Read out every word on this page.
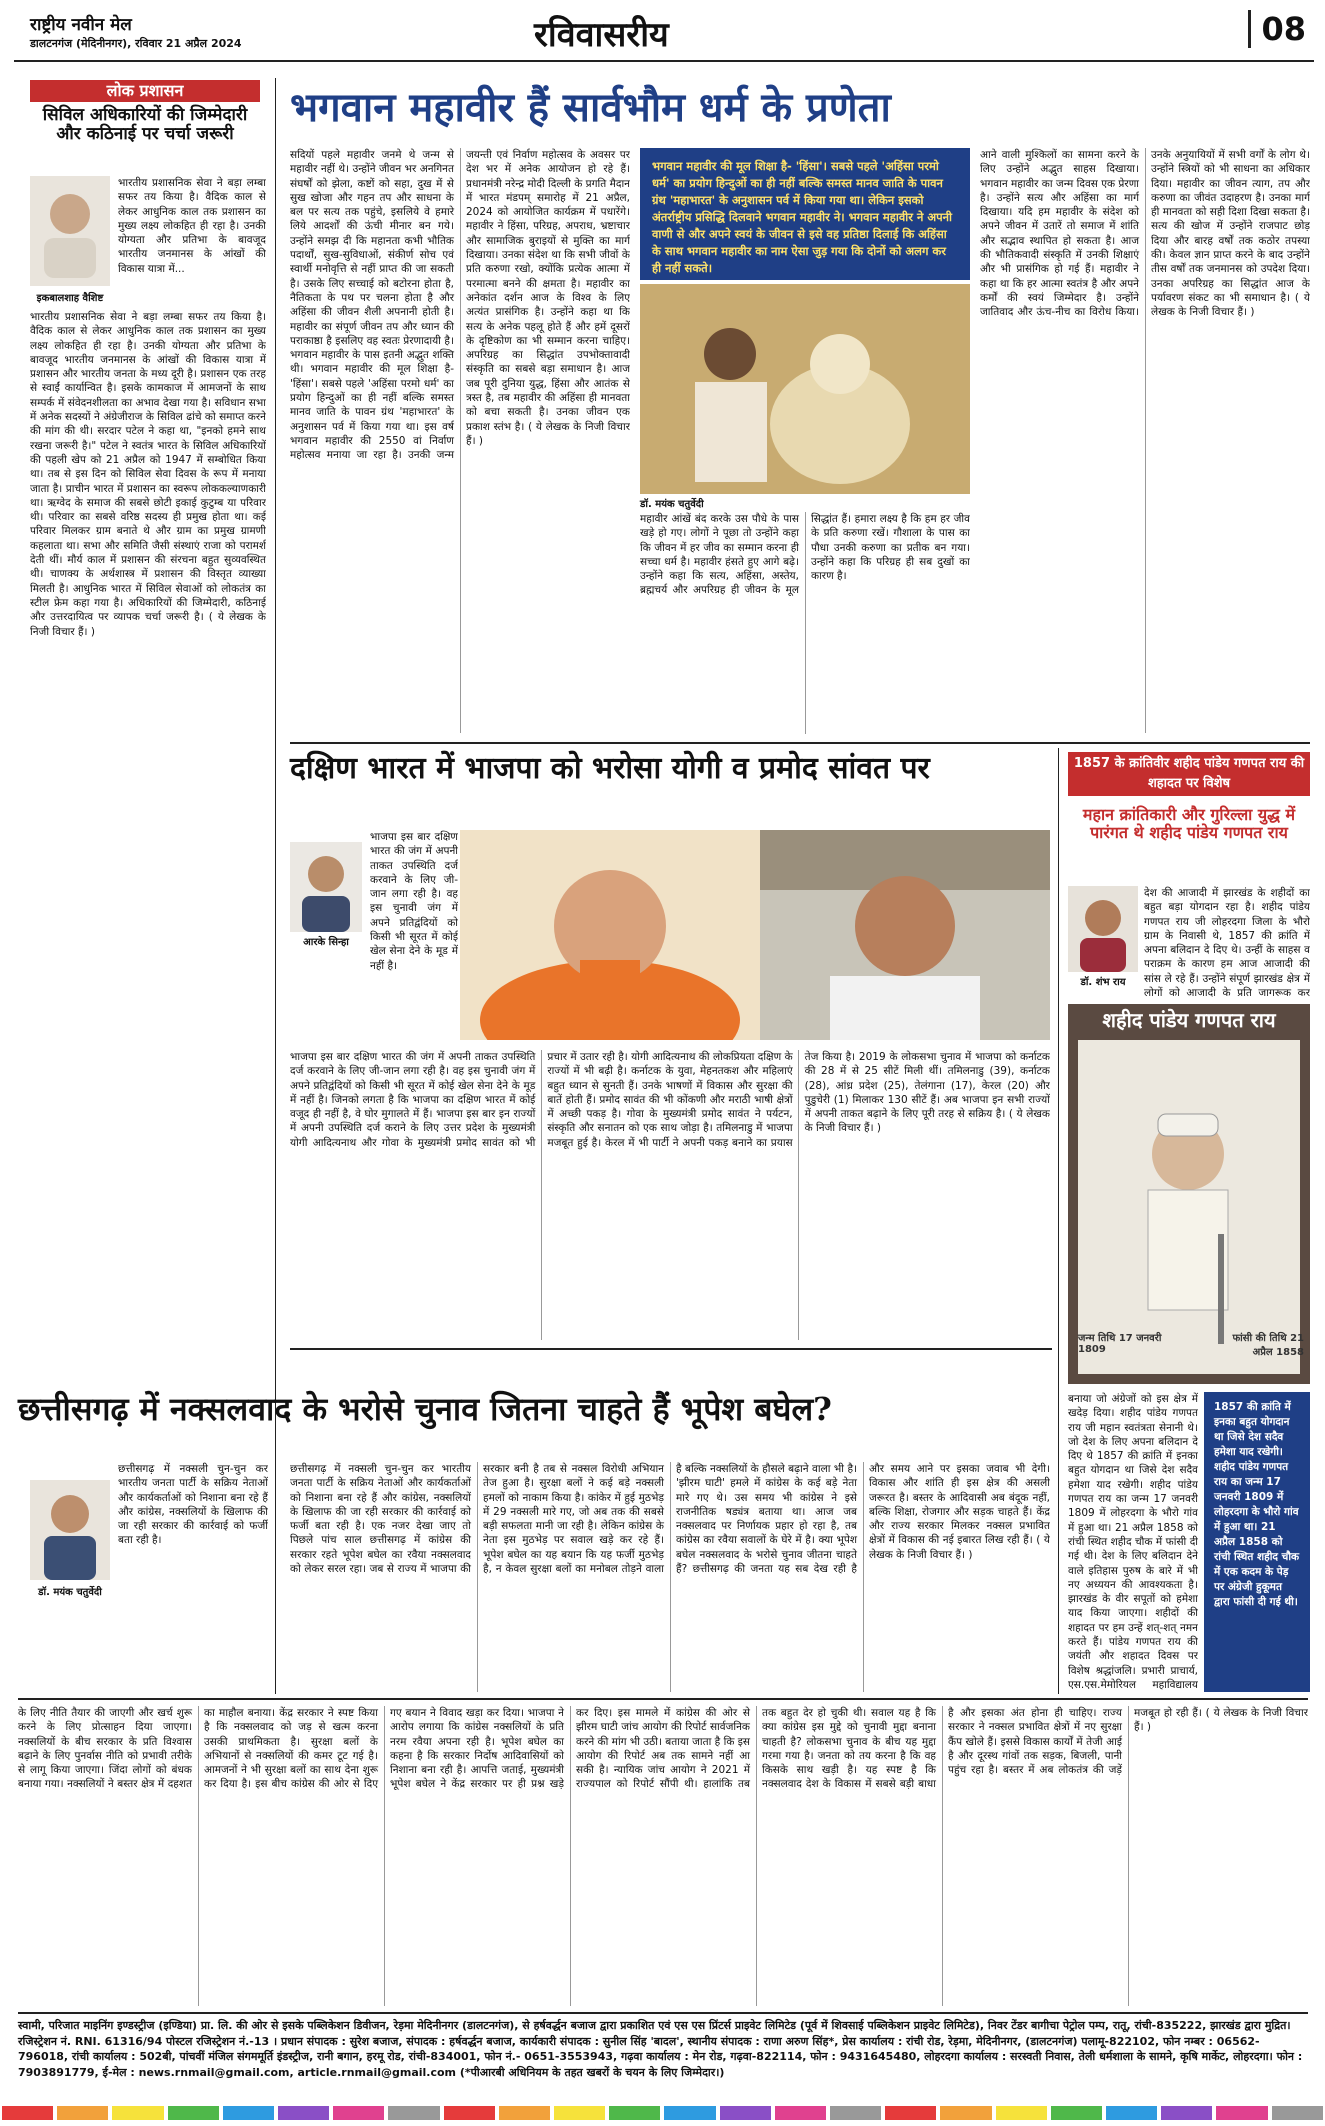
राष्ट्रीय नवीन मेल
डालटनगंज (मेदिनीनगर), रविवार 21 अप्रैल 2024	रविवासरीय	08
लोक प्रशासन
सिविल अधिकारियों की जिम्मेदारी और कठिनाई पर चर्चा जरूरी
इकबालशाह वैशिष्ट

भारतीय प्रशासनिक सेवा ने बड़ा लम्बा सफर तय किया है। वैदिक काल से लेकर आधुनिक काल तक प्रशासन का मुख्य लक्ष्य लोकहित ही रहा है। उनकी योग्यता और प्रतिभा के बावजूद भारतीय जनमानस के आंखों की विकास यात्रा में...

भारतीय प्रशासनिक सेवा ने बड़ा लम्बा सफर तय किया है। वैदिक काल से लेकर आधुनिक काल तक प्रशासन का मुख्य लक्ष्य लोकहित ही रहा है। उनकी योग्यता और प्रतिभा के बावजूद भारतीय जनमानस के आंखों की विकास यात्रा में प्रशासन और भारतीय जनता के मध्य दूरी है। प्रशासन एक तरह से स्वाईं कार्यान्वित है। इसके कामकाज में आमजनों के साथ सम्पर्क में संवेदनशीलता का अभाव देखा गया है। सविधान सभा में अनेक सदस्यों ने अंग्रेजीराज के सिविल ढांचे को समाप्त करने की मांग की थी। सरदार पटेल ने कहा था, "इनको हमने साथ रखना जरूरी है।" पटेल ने स्वतंत्र भारत के सिविल अधिकारियों की पहली खेप को 21 अप्रैल को 1947 में सम्बोधित किया था। तब से इस दिन को सिविल सेवा दिवस के रूप में मनाया जाता है। प्राचीन भारत में प्रशासन का स्वरूप लोककल्याणकारी था। ऋग्वेद के समाज की सबसे छोटी इकाई कुटुम्ब या परिवार थी। परिवार का सबसे वरिष्ठ सदस्य ही प्रमुख होता था। कई परिवार मिलकर ग्राम बनाते थे और ग्राम का प्रमुख ग्रामणी कहलाता था। सभा और समिति जैसी संस्थाएं राजा को परामर्श देती थीं। मौर्य काल में प्रशासन की संरचना बहुत सुव्यवस्थित थी। चाणक्य के अर्थशास्त्र में प्रशासन की विस्तृत व्याख्या मिलती है। आधुनिक भारत में सिविल सेवाओं को लोकतंत्र का स्टील फ्रेम कहा गया है। अधिकारियों की जिम्मेदारी, कठिनाई और उत्तरदायित्व पर व्यापक चर्चा जरूरी है। ( ये लेखक के निजी विचार हैं। )
भगवान महावीर हैं सार्वभौम धर्म के प्रणेता
सदियों पहले महावीर जनमे थे जन्म से महावीर नहीं थे। उन्होंने जीवन भर अनगिनत संघर्षों को झेला, कष्टों को सहा, दुख में से सुख खोजा और गहन तप और साधना के बल पर सत्य तक पहुंचे, इसलिये वे हमारे लिये आदर्शों की ऊंची मीनार बन गये। उन्होंने समझ दी कि महानता कभी भौतिक पदार्थों, सुख-सुविधाओं, संकीर्ण सोच एवं स्वार्थी मनोवृत्ति से नहीं प्राप्त की जा सकती है। उसके लिए सच्चाई को बटोरना होता है, नैतिकता के पथ पर चलना होता है और अहिंसा की जीवन शैली अपनानी होती है। महावीर का संपूर्ण जीवन तप और ध्यान की पराकाष्ठा है इसलिए वह स्वतः प्रेरणादायी है। भगवान महावीर के पास इतनी अद्भुत शक्ति थी। भगवान महावीर की मूल शिक्षा है- 'हिंसा'। सबसे पहले 'अहिंसा परमो धर्म' का प्रयोग हिन्दुओं का ही नहीं बल्कि समस्त मानव जाति के पावन ग्रंथ 'महाभारत' के अनुशासन पर्व में किया गया था। इस वर्ष भगवान महावीर की 2550 वां निर्वाण महोत्सव मनाया जा रहा है। उनकी जन्म जयन्ती एवं निर्वाण महोत्सव के अवसर पर देश भर में अनेक आयोजन हो रहे हैं। प्रधानमंत्री नरेन्द्र मोदी दिल्ली के प्रगति मैदान में भारत मंडपम् समारोह में 21 अप्रैल, 2024 को आयोजित कार्यक्रम में पधारेंगे। महावीर ने हिंसा, परिग्रह, अपराध, भ्रष्टाचार और सामाजिक बुराइयों से मुक्ति का मार्ग दिखाया। उनका संदेश था कि सभी जीवों के प्रति करुणा रखो, क्योंकि प्रत्येक आत्मा में परमात्मा बनने की क्षमता है। महावीर का अनेकांत दर्शन आज के विश्व के लिए अत्यंत प्रासंगिक है। उन्होंने कहा था कि सत्य के अनेक पहलू होते हैं और हमें दूसरों के दृष्टिकोण का भी सम्मान करना चाहिए। अपरिग्रह का सिद्धांत उपभोक्तावादी संस्कृति का सबसे बड़ा समाधान है। आज जब पूरी दुनिया युद्ध, हिंसा और आतंक से त्रस्त है, तब महावीर की अहिंसा ही मानवता को बचा सकती है। उनका जीवन एक प्रकाश स्तंभ है। ( ये लेखक के निजी विचार हैं। )
भगवान महावीर की मूल शिक्षा है- 'हिंसा'। सबसे पहले 'अहिंसा परमो धर्म' का प्रयोग हिन्दुओं का ही नहीं बल्कि समस्त मानव जाति के पावन ग्रंथ 'महाभारत' के अनुशासन पर्व में किया गया था। लेकिन इसको अंतर्राष्ट्रीय प्रसिद्धि दिलवाने भगवान महावीर ने। भगवान महावीर ने अपनी वाणी से और अपने स्वयं के जीवन से इसे वह प्रतिष्ठा दिलाई कि अहिंसा के साथ भगवान महावीर का नाम ऐसा जुड़ गया कि दोनों को अलग कर ही नहीं सकते।
डॉ. मयंक चतुर्वेदी

महावीर आंखें बंद करके उस पौधे के पास खड़े हो गए। लोगों ने पूछा तो उन्होंने कहा कि जीवन में हर जीव का सम्मान करना ही सच्चा धर्म है। महावीर हंसते हुए आगे बढ़े। उन्होंने कहा कि सत्य, अहिंसा, अस्तेय, ब्रह्मचर्य और अपरिग्रह ही जीवन के मूल सिद्धांत हैं। हमारा लक्ष्य है कि हम हर जीव के प्रति करुणा रखें। गौशाला के पास का पौधा उनकी करुणा का प्रतीक बन गया। उन्होंने कहा कि परिग्रह ही सब दुखों का कारण है।

आने वाली मुश्किलों का सामना करने के लिए उन्होंने अद्भुत साहस दिखाया। भगवान महावीर का जन्म दिवस एक प्रेरणा है। उन्होंने सत्य और अहिंसा का मार्ग दिखाया। यदि हम महावीर के संदेश को अपने जीवन में उतारें तो समाज में शांति और सद्भाव स्थापित हो सकता है। आज की भौतिकवादी संस्कृति में उनकी शिक्षाएं और भी प्रासंगिक हो गई हैं। महावीर ने कहा था कि हर आत्मा स्वतंत्र है और अपने कर्मों की स्वयं जिम्मेदार है। उन्होंने जातिवाद और ऊंच-नीच का विरोध किया। उनके अनुयायियों में सभी वर्गों के लोग थे। उन्होंने स्त्रियों को भी साधना का अधिकार दिया। महावीर का जीवन त्याग, तप और करुणा का जीवंत उदाहरण है। उनका मार्ग ही मानवता को सही दिशा दिखा सकता है। सत्य की खोज में उन्होंने राजपाट छोड़ दिया और बारह वर्षों तक कठोर तपस्या की। केवल ज्ञान प्राप्त करने के बाद उन्होंने तीस वर्षों तक जनमानस को उपदेश दिया। उनका अपरिग्रह का सिद्धांत आज के पर्यावरण संकट का भी समाधान है। ( ये लेखक के निजी विचार हैं। )

दक्षिण भारत में भाजपा को भरोसा योगी व प्रमोद सांवत पर
आरके सिन्हा

भाजपा इस बार दक्षिण भारत की जंग में अपनी ताकत उपस्थिति दर्ज करवाने के लिए जी-जान लगा रही है। वह इस चुनावी जंग में अपने प्रतिद्वंदियों को किसी भी सूरत में कोई खेल सेना देने के मूड में नहीं है।

भाजपा इस बार दक्षिण भारत की जंग में अपनी ताकत उपस्थिति दर्ज करवाने के लिए जी-जान लगा रही है। वह इस चुनावी जंग में अपने प्रतिद्वंदियों को किसी भी सूरत में कोई खेल सेना देने के मूड में नहीं है। जिनको लगता है कि भाजपा का दक्षिण भारत में कोई वजूद ही नहीं है, वे घोर मुगालते में हैं। भाजपा इस बार इन राज्यों में अपनी उपस्थिति दर्ज कराने के लिए उत्तर प्रदेश के मुख्यमंत्री योगी आदित्यनाथ और गोवा के मुख्यमंत्री प्रमोद सावंत को भी प्रचार में उतार रही है। योगी आदित्यनाथ की लोकप्रियता दक्षिण के राज्यों में भी बढ़ी है। कर्नाटक के युवा, मेहनतकश और महिलाएं बहुत ध्यान से सुनती हैं। उनके भाषणों में विकास और सुरक्षा की बातें होती हैं। प्रमोद सावंत की भी कोंकणी और मराठी भाषी क्षेत्रों में अच्छी पकड़ है। गोवा के मुख्यमंत्री प्रमोद सावंत ने पर्यटन, संस्कृति और सनातन को एक साथ जोड़ा है। तमिलनाडु में भाजपा मजबूत हुई है। केरल में भी पार्टी ने अपनी पकड़ बनाने का प्रयास तेज किया है। 2019 के लोकसभा चुनाव में भाजपा को कर्नाटक की 28 में से 25 सीटें मिली थीं। तमिलनाडु (39), कर्नाटक (28), आंध्र प्रदेश (25), तेलंगाना (17), केरल (20) और पुडुचेरी (1) मिलाकर 130 सीटें हैं। अब भाजपा इन सभी राज्यों में अपनी ताकत बढ़ाने के लिए पूरी तरह से सक्रिय है। ( ये लेखक के निजी विचार हैं। )
1857 के क्रांतिवीर शहीद पांडेय गणपत राय की शहादत पर विशेष
महान क्रांतिकारी और गुरिल्ला युद्ध में पारंगत थे शहीद पांडेय गणपत राय
डॉ. शंभ राय
देश की आजादी में झारखंड के शहीदों का बहुत बड़ा योगदान रहा है। शहीद पांडेय गणपत राय जी लोहरदगा जिला के भौरो ग्राम के निवासी थे, 1857 की क्रांति में अपना बलिदान दे दिए थे। उन्हीं के साहस व पराक्रम के कारण हम आज आजादी की सांस ले रहे हैं। उन्होंने संपूर्ण झारखंड क्षेत्र में लोगों को आजादी के प्रति जागरूक कर
शहीद पांडेय गणपत राय
जन्म तिथि 17 जनवरी 1809
फांसी की तिथि 21 अप्रैल 1858
छत्तीसगढ़ में नक्सलवाद के भरोसे चुनाव जितना चाहते हैं भूपेश बघेल?
डॉ. मयंक चतुर्वेदी

छत्तीसगढ़ में नक्सली चुन-चुन कर भारतीय जनता पार्टी के सक्रिय नेताओं और कार्यकर्ताओं को निशाना बना रहे हैं और कांग्रेस, नक्सलियों के खिलाफ की जा रही सरकार की कार्रवाई को फर्जी बता रही है।

छत्तीसगढ़ में नक्सली चुन-चुन कर भारतीय जनता पार्टी के सक्रिय नेताओं और कार्यकर्ताओं को निशाना बना रहे हैं और कांग्रेस, नक्सलियों के खिलाफ की जा रही सरकार की कार्रवाई को फर्जी बता रही है। एक नजर देखा जाए तो पिछले पांच साल छत्तीसगढ़ में कांग्रेस की सरकार रहते भूपेश बघेल का रवैया नक्सलवाद को लेकर सरल रहा। जब से राज्य में भाजपा की सरकार बनी है तब से नक्सल विरोधी अभियान तेज हुआ है। सुरक्षा बलों ने कई बड़े नक्सली हमलों को नाकाम किया है। कांकेर में हुई मुठभेड़ में 29 नक्सली मारे गए, जो अब तक की सबसे बड़ी सफलता मानी जा रही है। लेकिन कांग्रेस के नेता इस मुठभेड़ पर सवाल खड़े कर रहे हैं। भूपेश बघेल का यह बयान कि यह फर्जी मुठभेड़ है, न केवल सुरक्षा बलों का मनोबल तोड़ने वाला है बल्कि नक्सलियों के हौसले बढ़ाने वाला भी है। 'झीरम घाटी' हमले में कांग्रेस के कई बड़े नेता मारे गए थे। उस समय भी कांग्रेस ने इसे राजनीतिक षड्यंत्र बताया था। आज जब नक्सलवाद पर निर्णायक प्रहार हो रहा है, तब कांग्रेस का रवैया सवालों के घेरे में है। क्या भूपेश बघेल नक्सलवाद के भरोसे चुनाव जीतना चाहते हैं? छत्तीसगढ़ की जनता यह सब देख रही है और समय आने पर इसका जवाब भी देगी। विकास और शांति ही इस क्षेत्र की असली जरूरत है। बस्तर के आदिवासी अब बंदूक नहीं, बल्कि शिक्षा, रोजगार और सड़क चाहते हैं। केंद्र और राज्य सरकार मिलकर नक्सल प्रभावित क्षेत्रों में विकास की नई इबारत लिख रही हैं। ( ये लेखक के निजी विचार हैं। )
बनाया जो अंग्रेजों को इस क्षेत्र में खदेड़ दिया। शहीद पांडेय गणपत राय जी महान स्वतंत्रता सेनानी थे। जो देश के लिए अपना बलिदान दे दिए थे 1857 की क्रांति में इनका बहुत योगदान था जिसे देश सदैव हमेशा याद रखेगी। शहीद पांडेय गणपत राय का जन्म 17 जनवरी 1809 में लोहरदगा के भौरो गांव में हुआ था। 21 अप्रैल 1858 को रांची स्थित शहीद चौक में फांसी दी गई थी। देश के लिए बलिदान देने वाले इतिहास पुरुष के बारे में भी नए अध्ययन की आवश्यकता है। झारखंड के वीर सपूतों को हमेशा याद किया जाएगा। शहीदों की शहादत पर हम उन्हें शत्-शत् नमन करते हैं। पांडेय गणपत राय की जयंती और शहादत दिवस पर विशेष श्रद्धांजलि। प्रभारी प्राचार्य, एस.एस.मेमोरियल महाविद्यालय
1857 की क्रांति में इनका बहुत योगदान था जिसे देश सदैव हमेशा याद रखेगी। शहीद पांडेय गणपत राय का जन्म 17 जनवरी 1809 में लोहरदगा के भौरो गांव में हुआ था। 21 अप्रैल 1858 को रांची स्थित शहीद चौक में एक कदम के पेड़ पर अंग्रेजी हुकूमत द्वारा फांसी दी गई थी।

के लिए नीति तैयार की जाएगी और खर्च शुरू करने के लिए प्रोत्साहन दिया जाएगा। नक्सलियों के बीच सरकार के प्रति विश्वास बढ़ाने के लिए पुनर्वास नीति को प्रभावी तरीके से लागू किया जाएगा। जिंदा लोगों को बंधक बनाया गया। नक्सलियों ने बस्तर क्षेत्र में दहशत का माहौल बनाया। केंद्र सरकार ने स्पष्ट किया है कि नक्सलवाद को जड़ से खत्म करना उसकी प्राथमिकता है। सुरक्षा बलों के अभियानों से नक्सलियों की कमर टूट गई है। आमजनों ने भी सुरक्षा बलों का साथ देना शुरू कर दिया है। इस बीच कांग्रेस की ओर से दिए गए बयान ने विवाद खड़ा कर दिया। भाजपा ने आरोप लगाया कि कांग्रेस नक्सलियों के प्रति नरम रवैया अपना रही है। भूपेश बघेल का कहना है कि सरकार निर्दोष आदिवासियों को निशाना बना रही है। आपत्ति जताई, मुख्यमंत्री भूपेश बघेल ने केंद्र सरकार पर ही प्रश्न खड़े कर दिए। इस मामले में कांग्रेस की ओर से झीरम घाटी जांच आयोग की रिपोर्ट सार्वजनिक करने की मांग भी उठी। बताया जाता है कि इस आयोग की रिपोर्ट अब तक सामने नहीं आ सकी है। न्यायिक जांच आयोग ने 2021 में राज्यपाल को रिपोर्ट सौंपी थी। हालांकि तब तक बहुत देर हो चुकी थी। सवाल यह है कि क्या कांग्रेस इस मुद्दे को चुनावी मुद्दा बनाना चाहती है? लोकसभा चुनाव के बीच यह मुद्दा गरमा गया है। जनता को तय करना है कि वह किसके साथ खड़ी है। यह स्पष्ट है कि नक्सलवाद देश के विकास में सबसे बड़ी बाधा है और इसका अंत होना ही चाहिए। राज्य सरकार ने नक्सल प्रभावित क्षेत्रों में नए सुरक्षा कैंप खोले हैं। इससे विकास कार्यों में तेजी आई है और दूरस्थ गांवों तक सड़क, बिजली, पानी पहुंच रहा है। बस्तर में अब लोकतंत्र की जड़ें मजबूत हो रही हैं। ( ये लेखक के निजी विचार हैं। )

स्वामी, परिजात माइनिंग इण्डस्ट्रीज (इण्डिया) प्रा. लि. की ओर से इसके पब्लिकेशन डिवीजन, रेड़मा मेदिनीनगर (डालटनगंज), से हर्षवर्द्धन बजाज द्वारा प्रकाशित एवं एस एस प्रिंटर्स प्राइवेट लिमिटेड (पूर्व में शिवसाई पब्लिकेशन प्राइवेट लिमिटेड), निवर टेंडर बागीचा पेट्रोल पम्प, रातू, रांची-835222, झारखंड द्वारा मुद्रित। रजिस्ट्रेशन नं. RNI. 61316/94 पोस्टल रजिस्ट्रेशन नं.-13 । प्रधान संपादक : सुरेश बजाज, संपादक : हर्षवर्द्धन बजाज, कार्यकारी संपादक : सुनील सिंह 'बादल', स्थानीय संपादक : राणा अरुण सिंह*, प्रेस कार्यालय : रांची रोड, रेड़मा, मेदिनीनगर, (डालटनगंज) पलामू-822102, फोन नम्बर : 06562-796018, रांची कार्यालय : 502बी, पांचवीं मंजिल संगममूर्ति इंडस्ट्रीज, रानी बगान, हरमू रोड, रांची-834001, फोन नं.- 0651-3553943, गढ़वा कार्यालय : मेन रोड, गढ़वा-822114, फोन : 9431645480, लोहरदगा कार्यालय : सरस्वती निवास, तेली धर्मशाला के सामने, कृषि मार्केट, लोहरदगा। फोन : 7903891779, ई-मेल : news.rnmail@gmail.com, article.rnmail@gmail.com (*पीआरबी अधिनियम के तहत खबरों के चयन के लिए जिम्मेदार।)
